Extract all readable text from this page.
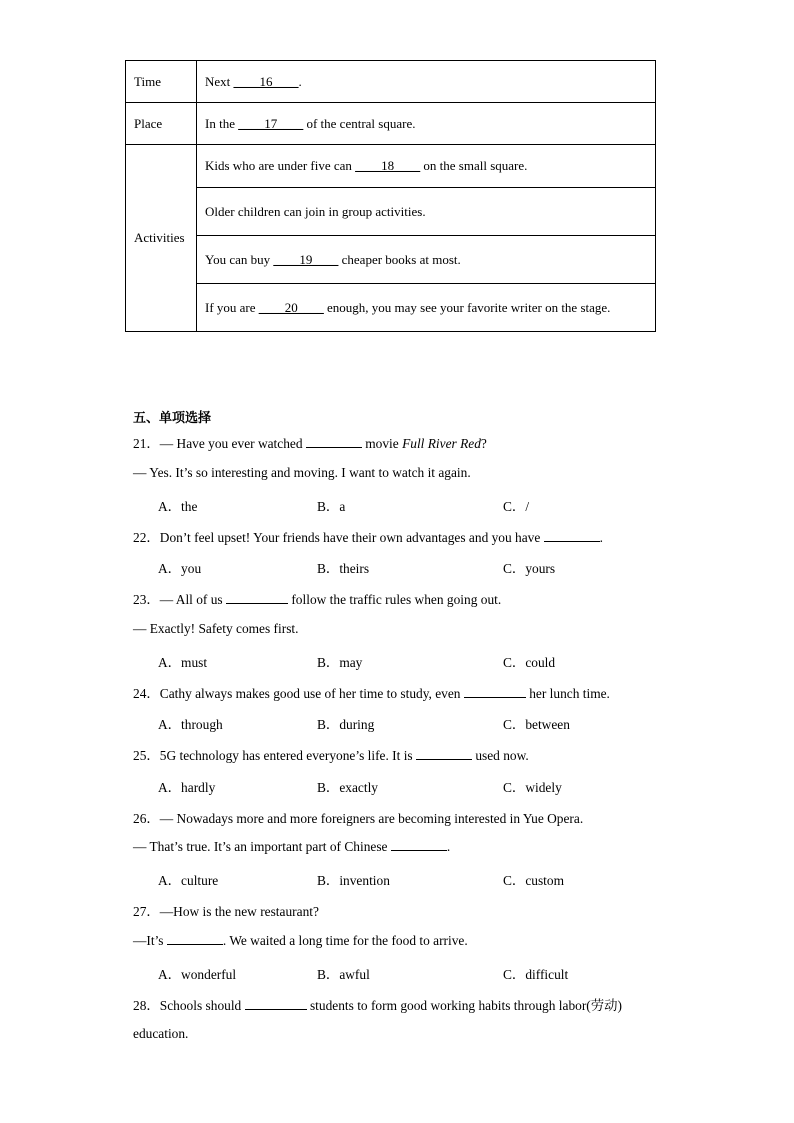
Time	Next ____16____.
Place	In the ____17____ of the central square.
Activities	Kids who are under five can ____18____ on the small square.
	Older children can join in group activities.
	You can buy ____19____ cheaper books at most.
	If you are ____20____ enough, you may see your favorite writer on the stage.
五、单项选择
21．— Have you ever watched	movie Full River Red?
— Yes. It’s so interesting and moving. I want to watch it again.
A．the	B．a	C．/
22．Don’t feel upset! Your friends have their own advantages and you have	.
A．you	B．theirs	C．yours
23．— All of us	follow the traffic rules when going out.
— Exactly! Safety comes first.
A．must	B．may	C．could
24．Cathy always makes good use of her time to study, even	her lunch time.
A．through	B．during	C．between
25．5G technology has entered everyone’s life. It is	used now.
A．hardly	B．exactly	C．widely
26．— Nowadays more and more foreigners are becoming interested in Yue Opera.
— That’s true. It’s an important part of Chinese	.
A．culture	B．invention	C．custom
27．—How is the new restaurant?
—It’s	. We waited a long time for the food to arrive.
A．wonderful	B．awful	C．difficult
28．Schools should	students to form good working habits through labor(劳动)
education.
